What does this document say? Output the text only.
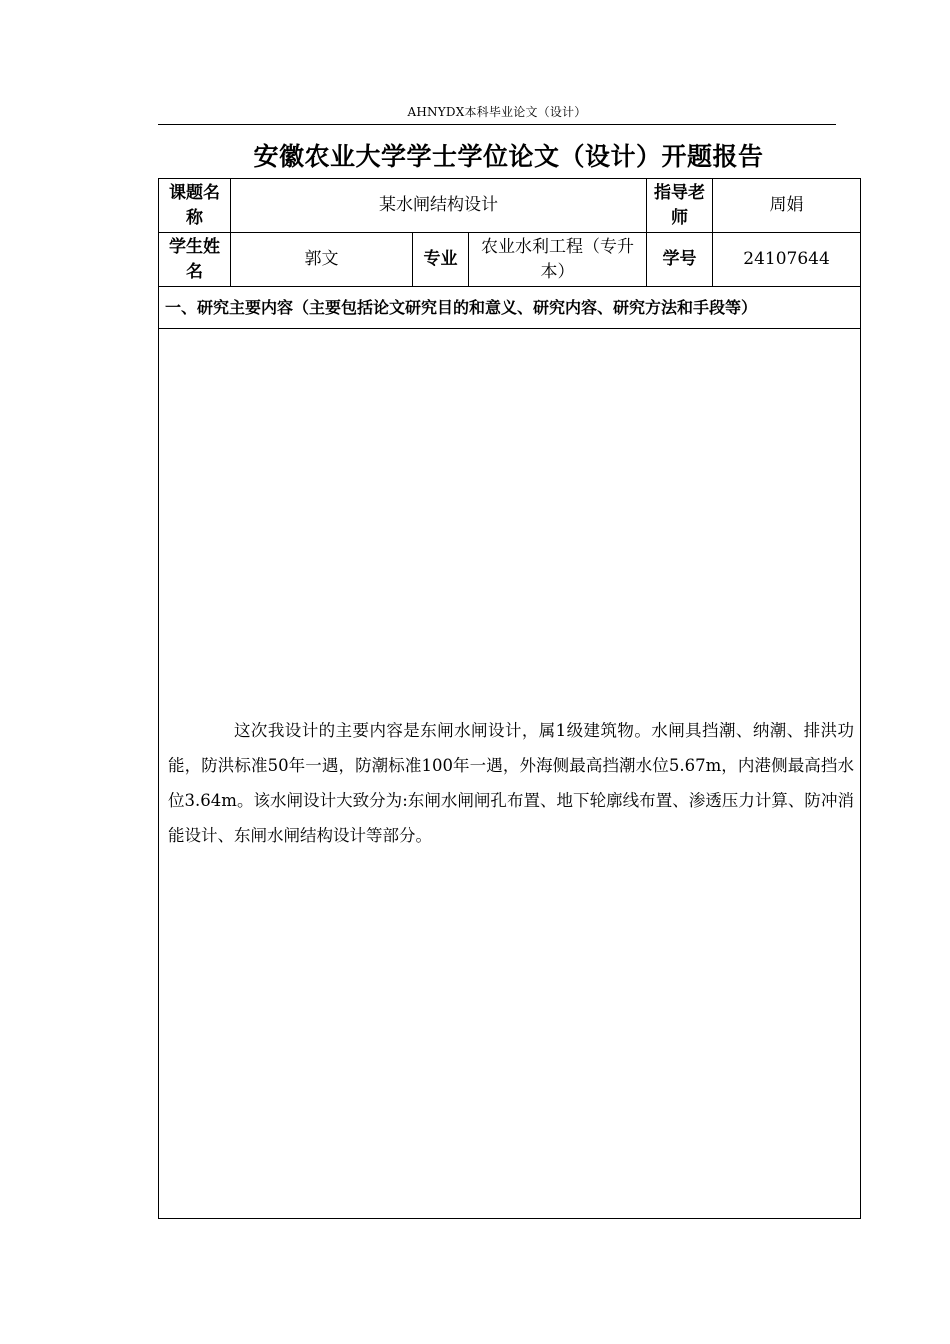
AHNYDX本科毕业论文（设计）
安徽农业大学学士学位论文（设计）开题报告
课题名称	某水闸结构设计			指导老师	周娟
学生姓名	郭文	专业	农业水利工程（专升本）	学号	24107644
一、研究主要内容（主要包括论文研究目的和意义、研究内容、研究方法和手段等）					

这次我设计的主要内容是东闸水闸设计，属1级建筑物。水闸具挡潮、纳潮、排洪功能，防洪标准50年一遇，防潮标准100年一遇，外海侧最高挡潮水位5.67m，内港侧最高挡水位3.64m。该水闸设计大致分为:东闸水闸闸孔布置、地下轮廓线布置、渗透压力计算、防冲消能设计、东闸水闸结构设计等部分。					
